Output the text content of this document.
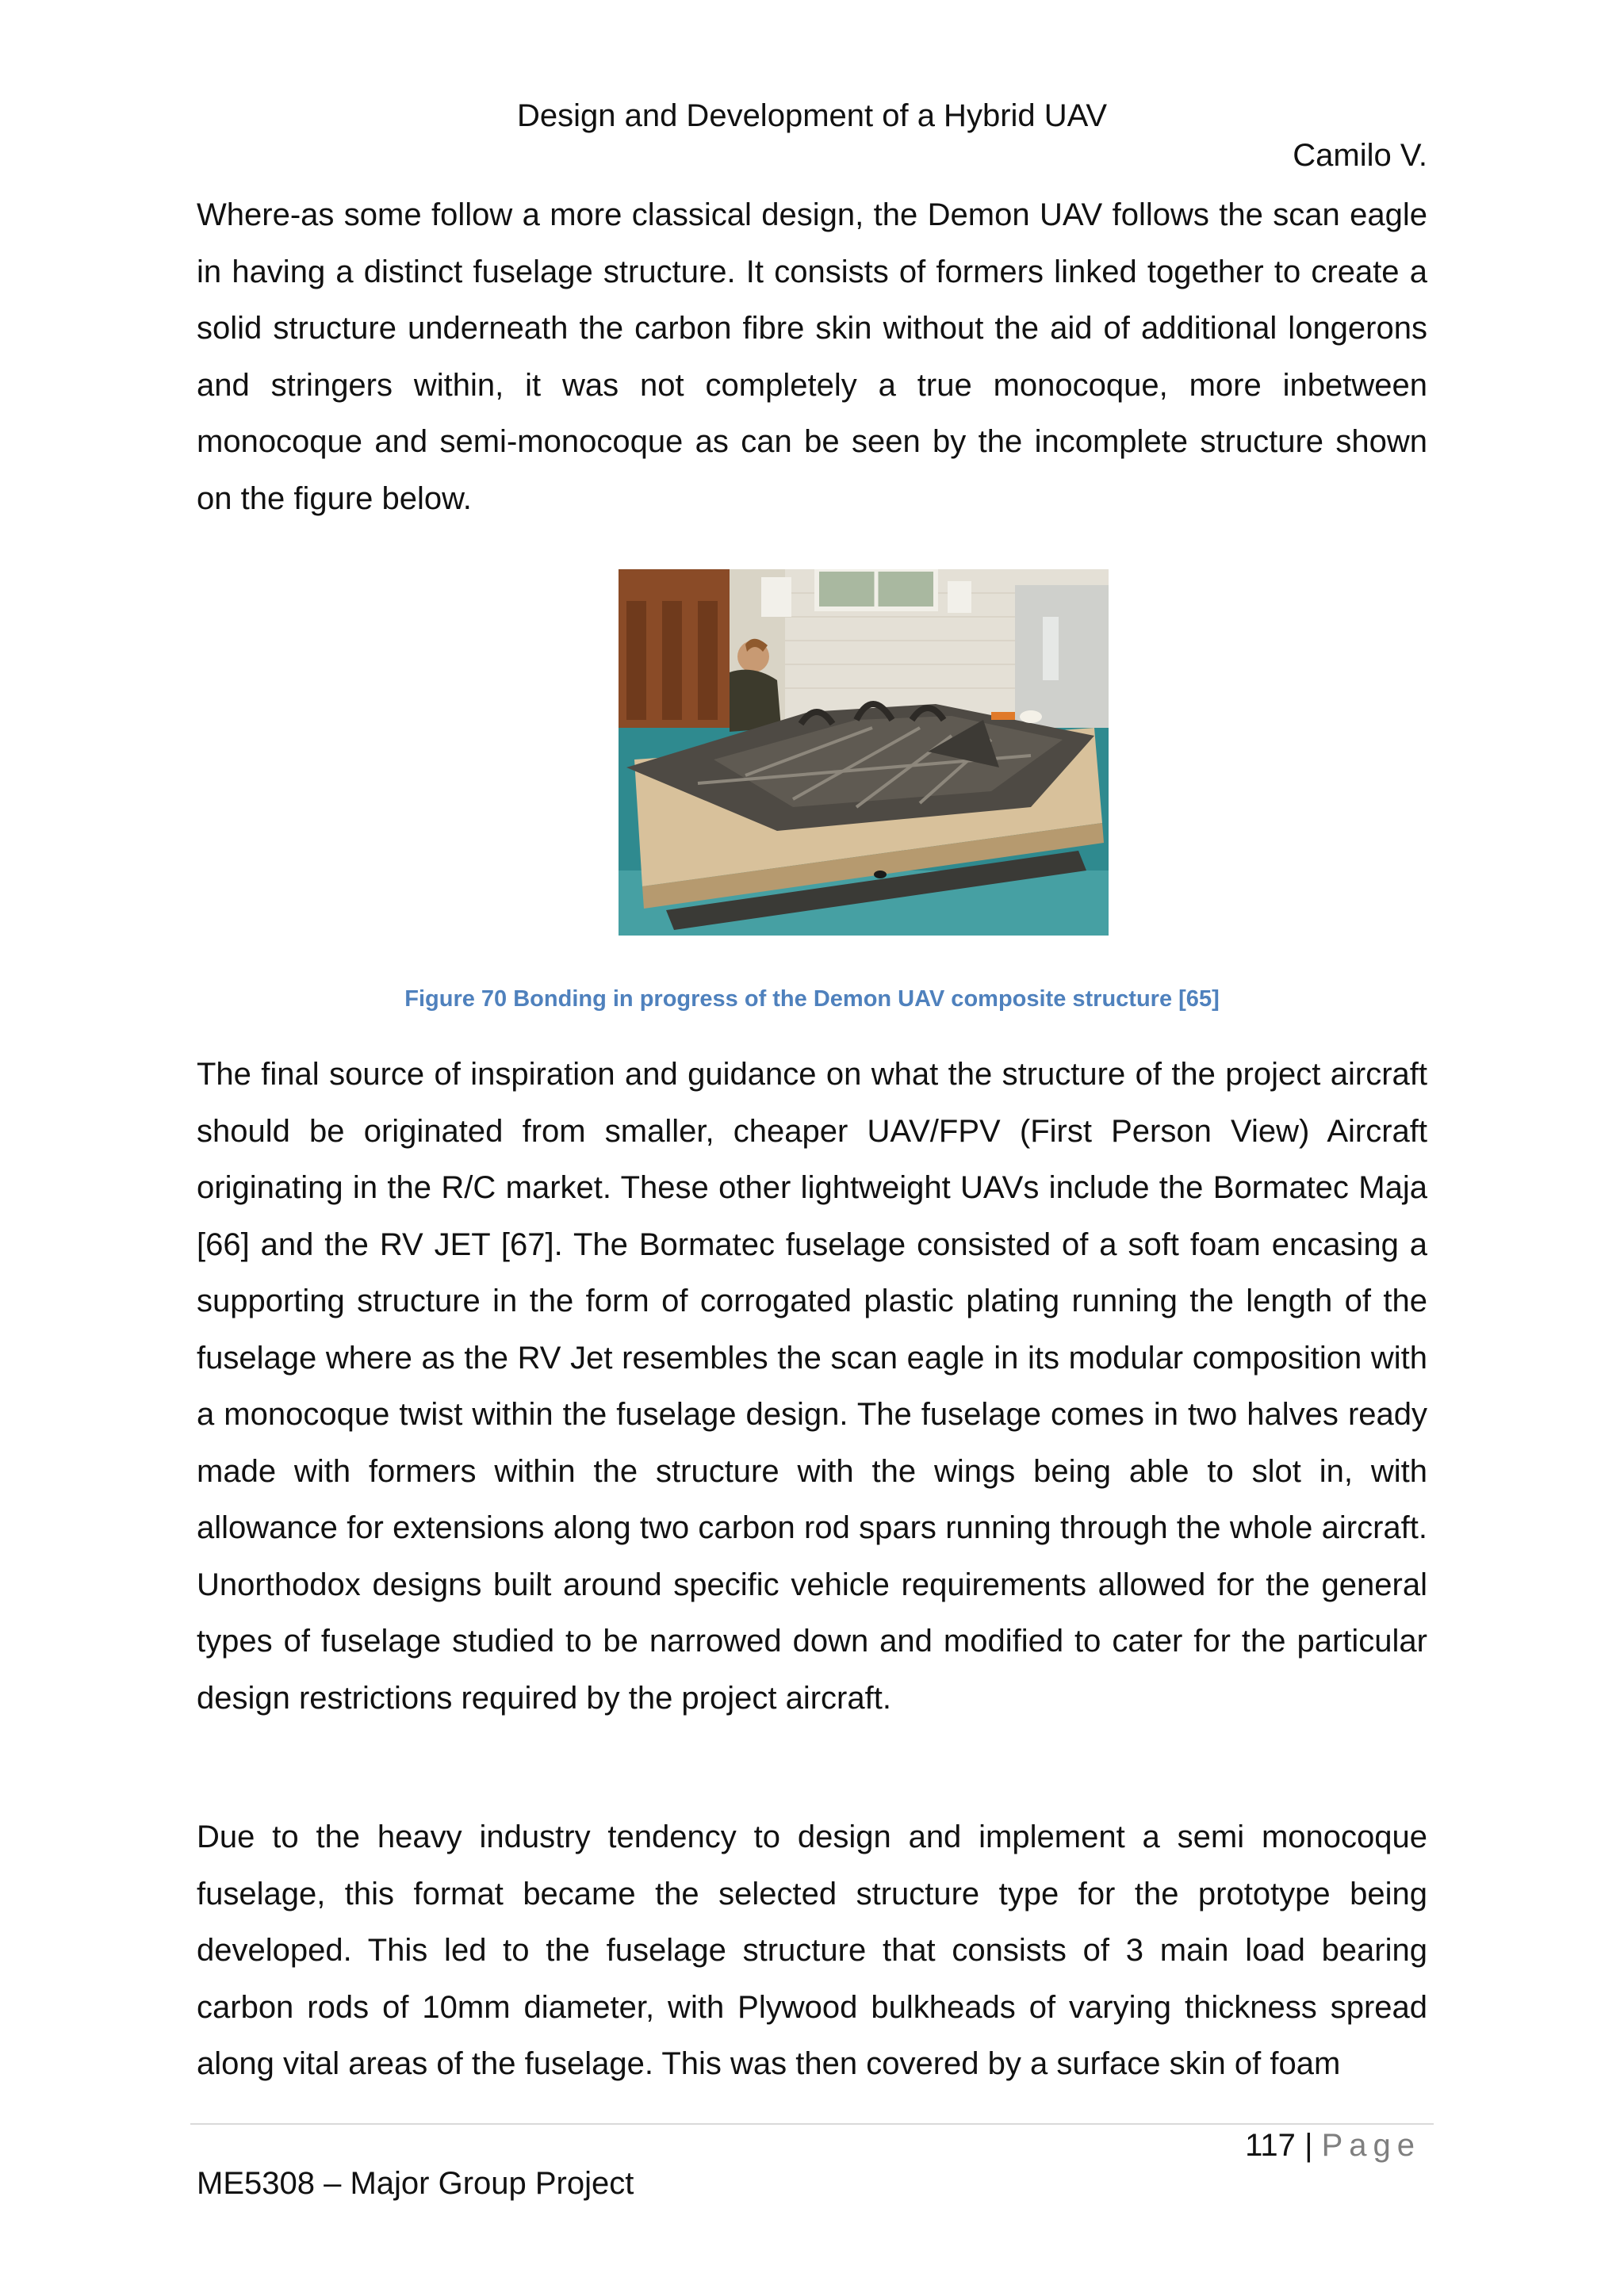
Design and Development of a Hybrid UAV
Camilo V.

Where-as some follow a more classical design, the Demon UAV follows the scan eagle in having a distinct fuselage structure. It consists of formers linked together to create a solid structure underneath the carbon fibre skin without the aid of additional longerons and stringers within, it was not completely a true monocoque, more inbetween monocoque and semi-monocoque as can be seen by the incomplete structure shown on the figure below.

Figure 70 Bonding in progress of the Demon UAV composite structure [65]

The final source of inspiration and guidance on what the structure of the project aircraft should be originated from smaller, cheaper UAV/FPV (First Person View) Aircraft originating in the R/C market. These other lightweight UAVs include the Bormatec Maja [66] and the RV JET [67]. The Bormatec fuselage consisted of a soft foam encasing a supporting structure in the form of corrogated plastic plating running the length of the fuselage where as the RV Jet resembles the scan eagle in its modular composition with a monocoque twist within the fuselage design. The fuselage comes in two halves ready made with formers within the structure with the wings being able to slot in, with allowance for extensions along two carbon rod spars running through the whole aircraft. Unorthodox designs built around specific vehicle requirements allowed for the general types of fuselage studied to be narrowed down and modified to cater for the particular design restrictions required by the project aircraft.

Due to the heavy industry tendency to design and implement a semi monocoque fuselage, this format became the selected structure type for the prototype being developed. This led to the fuselage structure that consists of 3 main load bearing carbon rods of 10mm diameter, with Plywood bulkheads of varying thickness spread along vital areas of the fuselage. This was then covered by a surface skin of foam

117 | Page
ME5308 – Major Group Project
